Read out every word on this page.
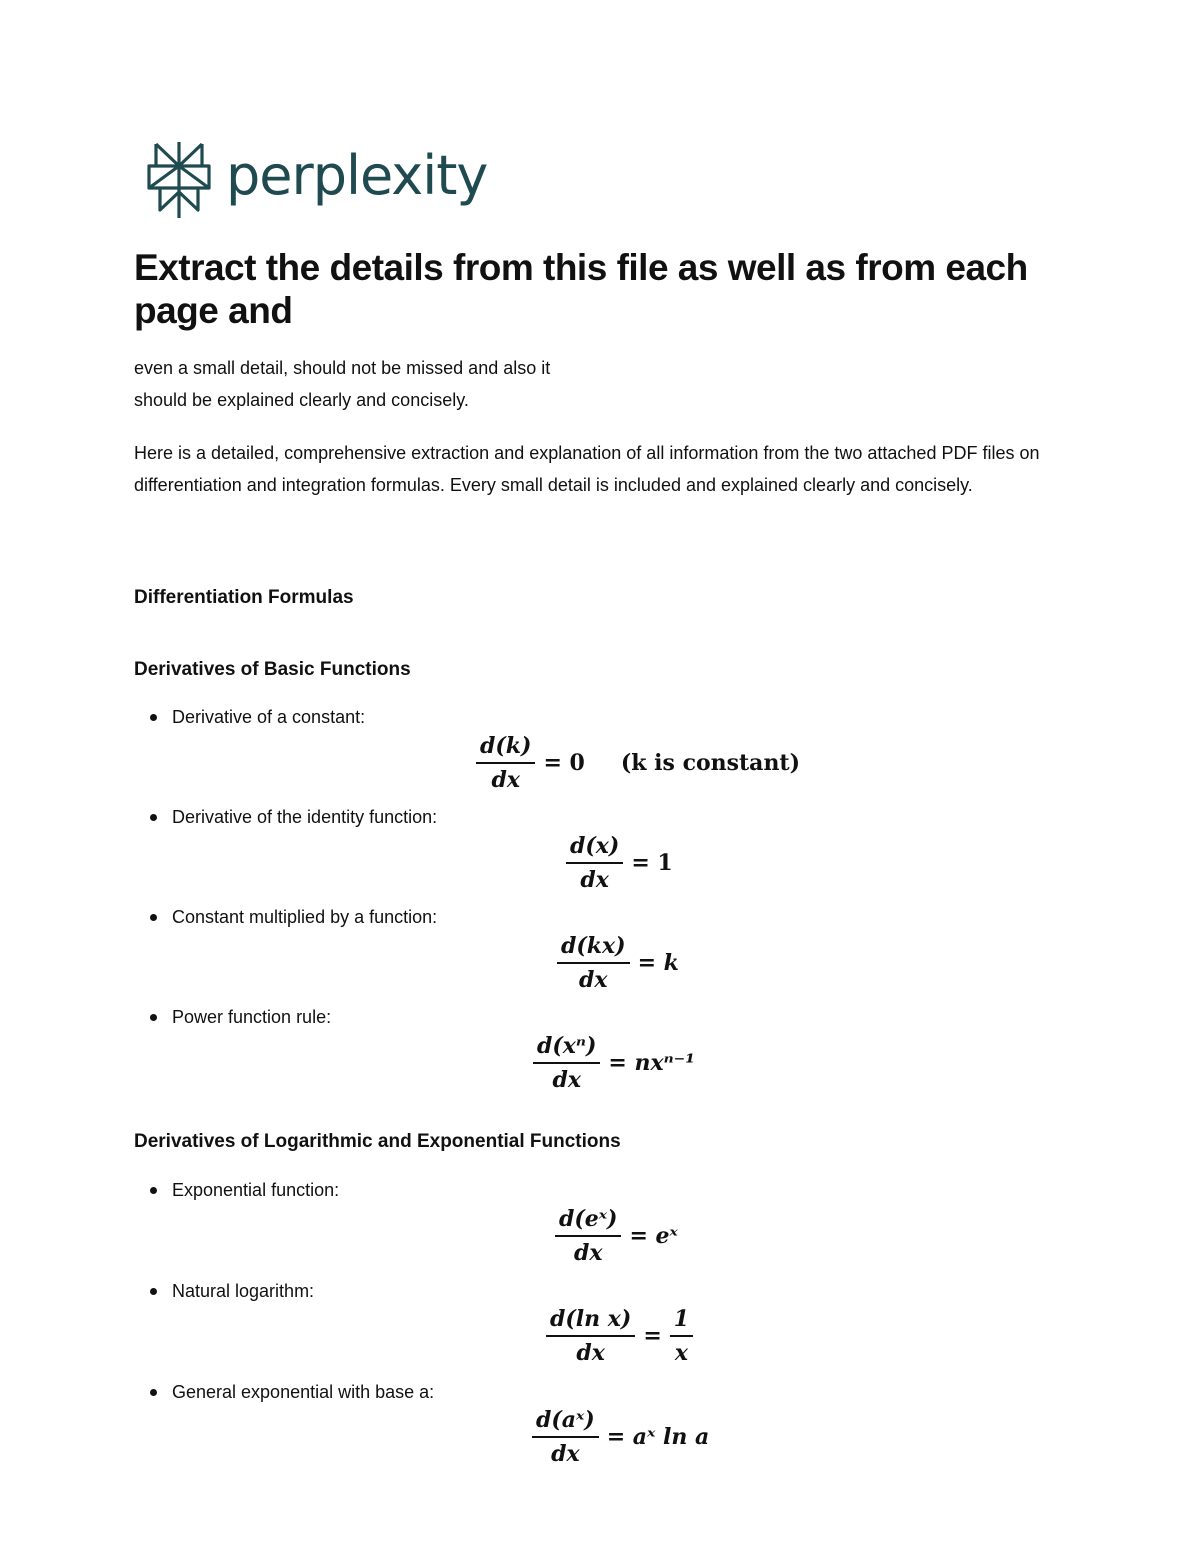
perplexity
Extract the details from this file as well as from each page and

even a small detail, should not be missed and also it

should be explained clearly and concisely.

Here is a detailed, comprehensive extraction and explanation of all information from the two attached PDF files on differentiation and integration formulas. Every small detail is included and explained clearly and concisely.

Differentiation Formulas
Derivatives of Basic Functions
Derivative of a constant:
$\frac{d(k)}{dx} = 0$ (k is constant)
Derivative of the identity function:
$\frac{d(x)}{dx} = 1$
Constant multiplied by a function:
$\frac{d(kx)}{dx} = k$
Power function rule:
$\frac{\text{d(xⁿ)}}{dx} = nx^{n-1}$
Derivatives of Logarithmic and Exponential Functions
Exponential function:
$\frac{\text{d(eˣ)}}{dx}$ = eˣ
Natural logarithm:
$\frac{\text{d(ln x)}}{dx} = \frac{1}{x}$
General exponential with base a:
$\frac{\text{d(aˣ)}}{dx}$ = aˣ ln a
